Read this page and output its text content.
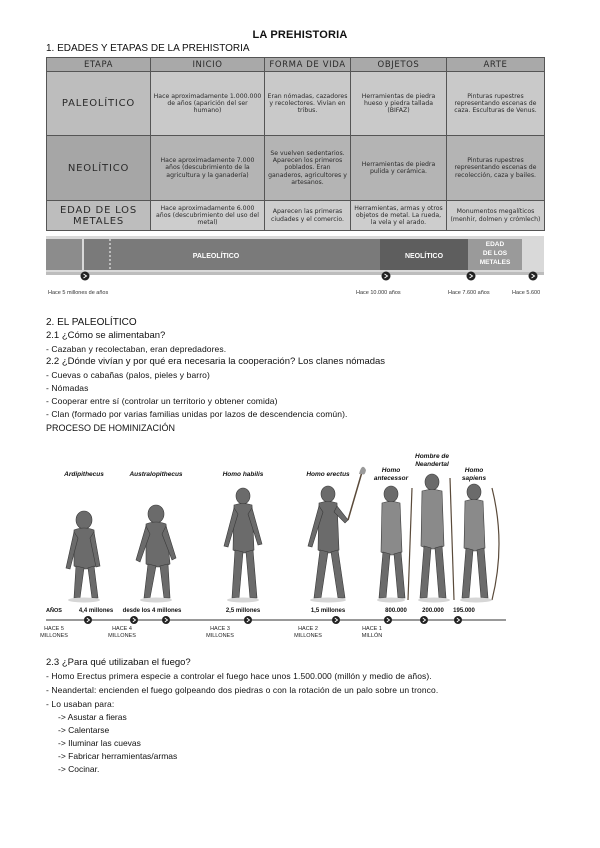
LA PREHISTORIA
1. EDADES Y ETAPAS DE LA PREHISTORIA
ETAPA	INICIO	FORMA DE VIDA	OBJETOS	ARTE
PALEOLÍTICO	Hace aproximadamente 1.000.000 de años (aparición del ser humano)	Eran nómadas, cazadores y recolectores. Vivían en tribus.	Herramientas de piedra hueso y piedra tallada (BIFAZ)	Pinturas rupestres representando escenas de caza. Esculturas de Venus.
NEOLÍTICO	Hace aproximadamente 7.000 años (descubrimiento de la agricultura y la ganadería)	Se vuelven sedentarios. Aparecen los primeros poblados. Eran ganaderos, agricultores y artesanos.	Herramientas de piedra pulida y cerámica.	Pinturas rupestres representando escenas de recolección, caza y bailes.
EDAD DE LOS METALES	Hace aproximadamente 6.000 años (descubrimiento del uso del metal)	Aparecen las primeras ciudades y el comercio.	Herramientas, armas y otros objetos de metal. La rueda, la vela y el arado.	Monumentos megalíticos (menhir, dolmen y crómlech)
PALEOLÍTICO	NEOLÍTICO
EDAD
DE LOS
METALES
Hace 5 millones de años	Hace 10.000 años	Hace 7.600 años	Hace 5.600
2. EL PALEOLÍTICO
2.1 ¿Cómo se alimentaban?
- Cazaban y recolectaban, eran depredadores.
2.2 ¿Dónde vivían y por qué era necesaria la cooperación? Los clanes nómadas
- Cuevas o cabañas (palos, pieles y barro)
- Nómadas
- Cooperar entre sí (controlar un territorio y obtener comida)
- Clan (formado por varias familias unidas por lazos de descendencia común).
PROCESO DE HOMINIZACIÓN
Ardipithecus	Australopithecus	Homo habilis	Homo erectus
Homo
antecessor
Hombre de
Neandertal
Homo
sapiens
AÑOS	4,4 millones desde los 4 millones	2,5 millones	1,5 millones	800.000	200.000 195.000
HACE 5
MILLONES
HACE 4
MILLONES
HACE 3
MILLONES
HACE 2
MILLONES
HACE 1
MILLÓN
2.3 ¿Para qué utilizaban el fuego?
- Homo Erectus primera especie a controlar el fuego hace unos 1.500.000 (millón y medio de años).
- Neandertal: encienden el fuego golpeando dos piedras o con la rotación de un palo sobre un tronco.
- Lo usaban para:
-> Asustar a fieras
-> Calentarse
-> Iluminar las cuevas
-> Fabricar herramientas/armas
-> Cocinar.
